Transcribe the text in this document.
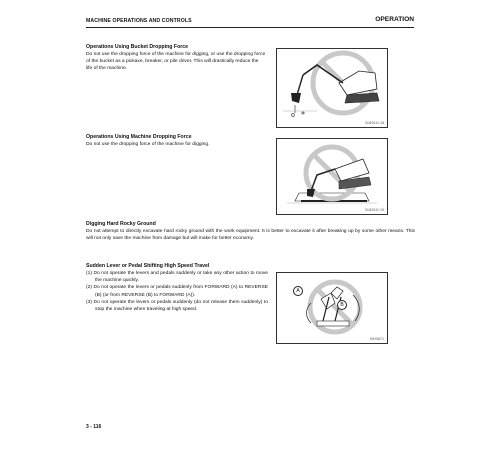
MACHINE OPERATIONS AND CONTROLS	OPERATION

Operations Using Bucket Dropping Force

Do not use the dropping force of the machine for digging, or use the dropping force of the bucket as a pickaxe, breaker, or pile driver. This will drastically reduce the life of the machine.

BJ49111 18

Operations Using Machine Dropping Force

Do not use the dropping force of the machine for digging.

BJ49111 19

Digging Hard Rocky Ground

Do not attempt to directly excavate hard rocky ground with the work equipment. It is better to excavate it after breaking up by some other means. This will not only save the machine from damage but will make for better economy.

Sudden Lever or Pedal Shifting High Speed Travel

(1) Do not operate the levers and pedals suddenly or take any other action to move the machine quickly.
(2) Do not operate the levers or pedals suddenly from FORWARD (A) to REVERSE (B) (or from REVERSE (B) to FORWARD (A)).
(3) Do not operate the levers or pedals suddenly (do not release them suddenly) to stop the machine when traveling at high speed.
A
B
9JH0671
3 - 116
